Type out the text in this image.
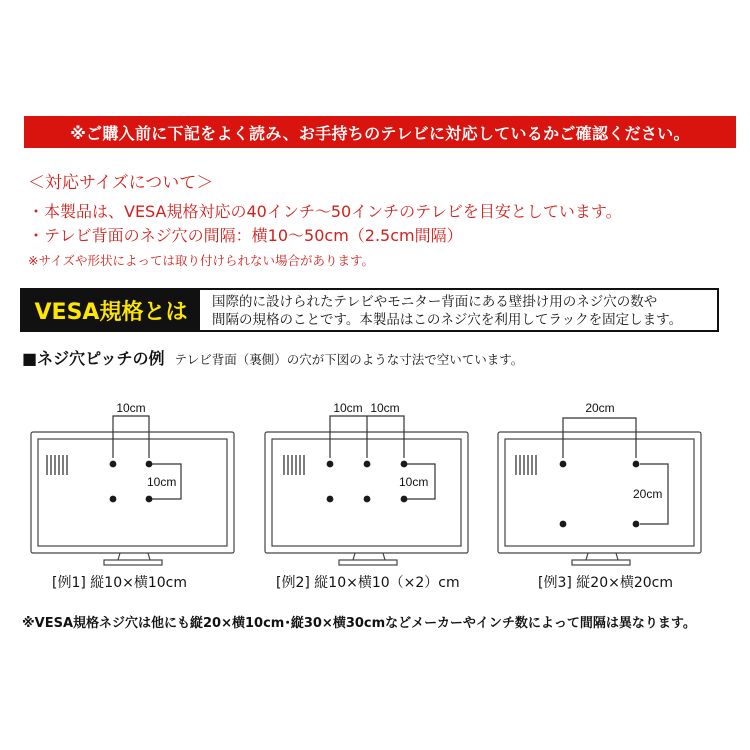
※ご購入前に下記をよく読み、お手持ちのテレビに対応しているかご確認ください。
＜対応サイズについて＞
・本製品は、VESA規格対応の40インチ～50インチのテレビを目安としています。
・テレビ背面のネジ穴の間隔：横10～50cm（2.5cm間隔）
※サイズや形状によっては取り付けられない場合があります。
VESA規格とは	国際的に設けられたテレビやモニター背面にある壁掛け用のネジ穴の数や
間隔の規格のことです。本製品はこのネジ穴を利用してラックを固定します。
■ネジ穴ピッチの例 テレビ背面（裏側）の穴が下図のような寸法で空いています。
10cm
10cm
10cm 10cm
10cm
20cm
20cm
[例1] 縦10×横10cm	[例2] 縦10×横10（×2）cm	[例3] 縦20×横20cm
※VESA規格ネジ穴は他にも縦20×横10cm･縦30×横30cmなどメーカーやインチ数によって間隔は異なります。
